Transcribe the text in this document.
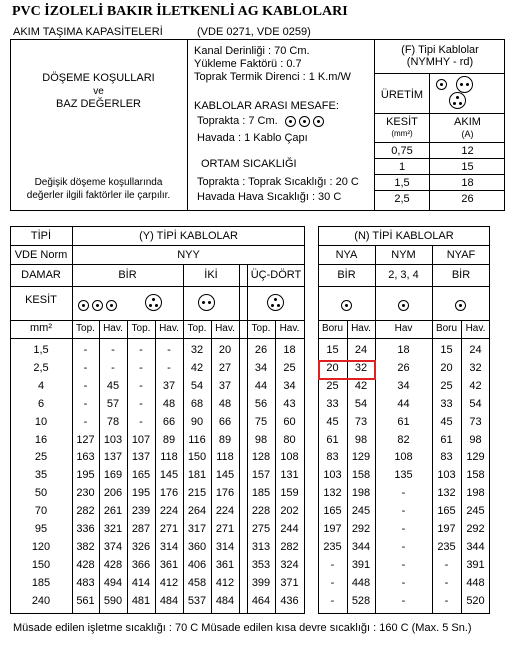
PVC İZOLELİ BAKIR İLETKENLİ AG KABLOLARI
AKIM TAŞIMA KAPASİTELERİ	(VDE 0271, VDE 0259)
DÖŞEME KOŞULLARI
ve
BAZ DEĞERLER
Değişik döşeme koşullarında
değerler ilgili faktörler ile çarpılır.
Kanal Derinliği : 70 Cm.
Yükleme Faktörü : 0.7
Toprak Termik Direnci : 1 K.m/W
KABLOLAR ARASI MESAFE:
Toprakta : 7 Cm.
Havada : 1 Kablo Çapı
ORTAM SICAKLIĞI
Toprakta : Toprak Sıcaklığı : 20 C
Havada Hava Sıcaklığı : 30 C
(F) Tipi Kablolar
(NYMHY - rd)
ÜRETİM
KESİT
(mm²)
AKIM
(A)
Müsade edilen işletme sıcaklığı : 70 C Müsade edilen kısa devre sıcaklığı : 160 C (Max. 5 Sn.)
0,75	12
1	15
1,5	18
2,5	26
TİPİ	(Y) TİPİ KABLOLAR	(N) TİPİ KABLOLAR
VDE Norm	NYY	NYA	NYM	NYAF
DAMAR	BİR	İKİ	ÜÇ-DÖRT	BİR	2, 3, 4	BİR
KESİT
mm²	Top. Hav. Top. Hav. Top. Hav.	Top. Hav.	Boru Hav.	Hav	Boru Hav.
1,5	-	-	-	-	32	20	26	18	15	24	18	15	24
2,5	-	-	-	-	42	27	34	25	20	32	26	20	32
4	-	45	-	37	54	37	44	34	25	42	34	25	42
6	-	57	-	48	68	48	56	43	33	54	44	33	54
10	-	78	-	66	90	66	75	60	45	73	61	45	73
16	127 103 107	89	116	89	98	80	61	98	82	61	98
25	163 137 137 118 150 118	128 108	83	129	108	83	129
35	195 169 165 145 181 145	157 131	103 158	135	103 158
50	230 206 195 176 215 176	185 159	132 198	-	132 198
70	282 261 239 224 264 224	228 202	165 245	-	165 245
95	336 321 287 271 317 271	275 244	197 292	-	197 292
120	382 374 326 314 360 314	313 282	235 344	-	235 344
150	428 428 366 361 406 361	353 324	-	391	-	-	391
185	483 494 414 412 458 412	399 371	-	448	-	-	448
240	561 590 481 484 537 484	464 436	-	528	-	-	520
